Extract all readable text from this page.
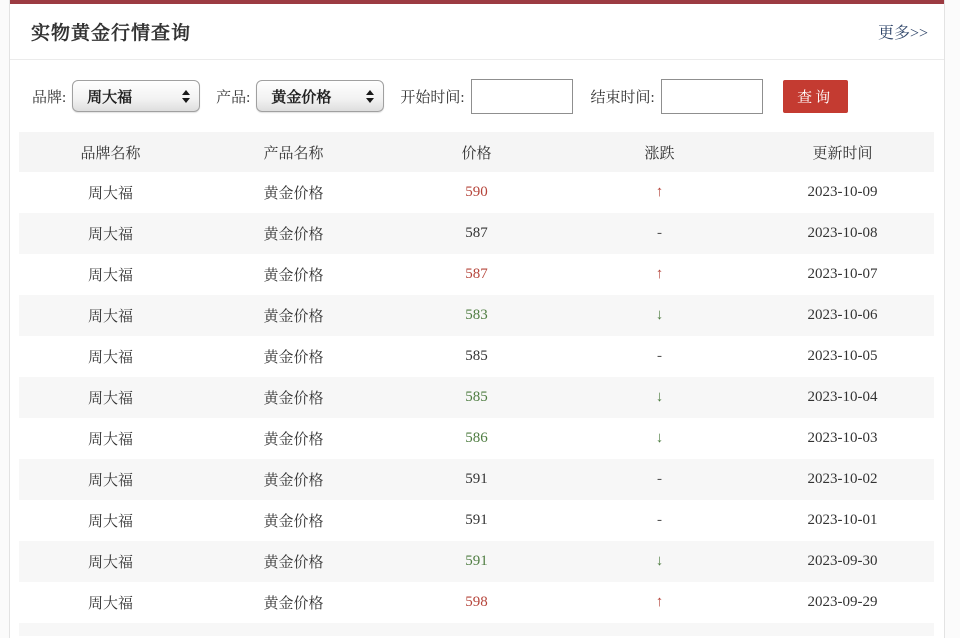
实物黄金行情查询	更多>>
品牌: 周大福	产品: 黄金价格	开始时间:	结束时间:	查询
品牌名称	产品名称	价格	涨跌	更新时间
周大福	黄金价格	590	↑	2023-10-09
周大福	黄金价格	587	-	2023-10-08
周大福	黄金价格	587	↑	2023-10-07
周大福	黄金价格	583	↓	2023-10-06
周大福	黄金价格	585	-	2023-10-05
周大福	黄金价格	585	↓	2023-10-04
周大福	黄金价格	586	↓	2023-10-03
周大福	黄金价格	591	-	2023-10-02
周大福	黄金价格	591	-	2023-10-01
周大福	黄金价格	591	↓	2023-09-30
周大福	黄金价格	598	↑	2023-09-29
